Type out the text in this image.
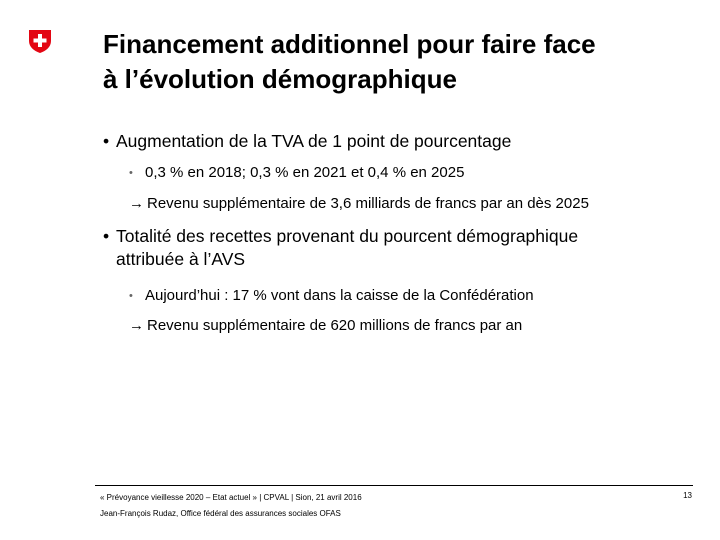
Financement additionnel pour faire face
à l’évolution démographique
• Augmentation de la TVA de 1 point de pourcentage
• 0,3 % en 2018; 0,3 % en 2021 et 0,4 % en 2025
→ Revenu supplémentaire de 3,6 milliards de francs par an dès 2025
• Totalité des recettes provenant du pourcent démographique
attribuée à l’AVS
• Aujourd’hui : 17 % vont dans la caisse de la Confédération
→ Revenu supplémentaire de 620 millions de francs par an
« Prévoyance vieillesse 2020 – Etat actuel » | CPVAL | Sion, 21 avril 2016
Jean-François Rudaz, Office fédéral des assurances sociales OFAS
13
